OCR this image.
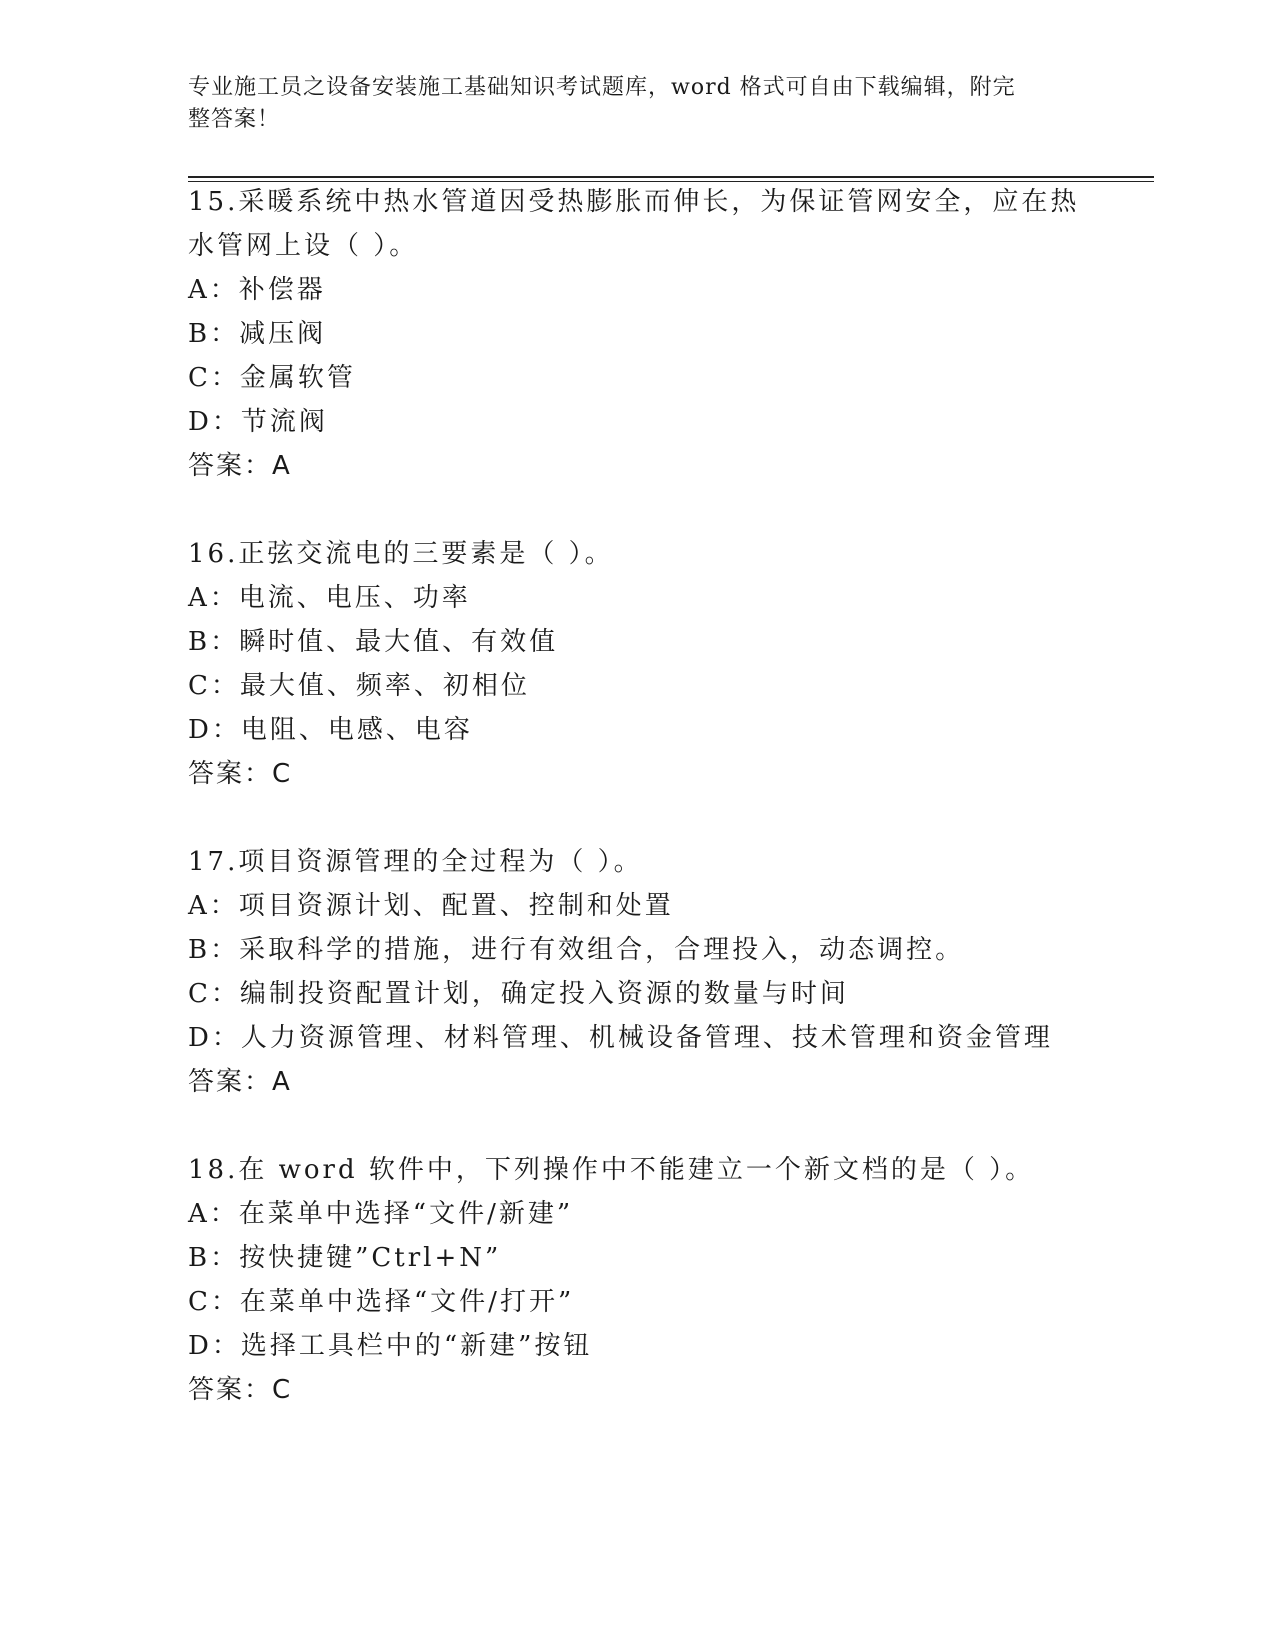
专业施工员之设备安装施工基础知识考试题库，word 格式可自由下载编辑，附完
整答案！
15.采暖系统中热水管道因受热膨胀而伸长，为保证管网安全，应在热
水管网上设（ ）。
A：补偿器
B：减压阀
C：金属软管
D：节流阀
答案：A
16.正弦交流电的三要素是（ ）。
A：电流、电压、功率
B：瞬时值、最大值、有效值
C：最大值、频率、初相位
D：电阻、电感、电容
答案：C
17.项目资源管理的全过程为（ ）。
A：项目资源计划、配置、控制和处置
B：采取科学的措施，进行有效组合，合理投入，动态调控。
C：编制投资配置计划，确定投入资源的数量与时间
D：人力资源管理、材料管理、机械设备管理、技术管理和资金管理
答案：A
18.在 word 软件中，下列操作中不能建立一个新文档的是（ ）。
A：在菜单中选择“文件/新建”
B：按快捷键”Ctrl+N”
C：在菜单中选择“文件/打开”
D：选择工具栏中的“新建”按钮
答案：C
